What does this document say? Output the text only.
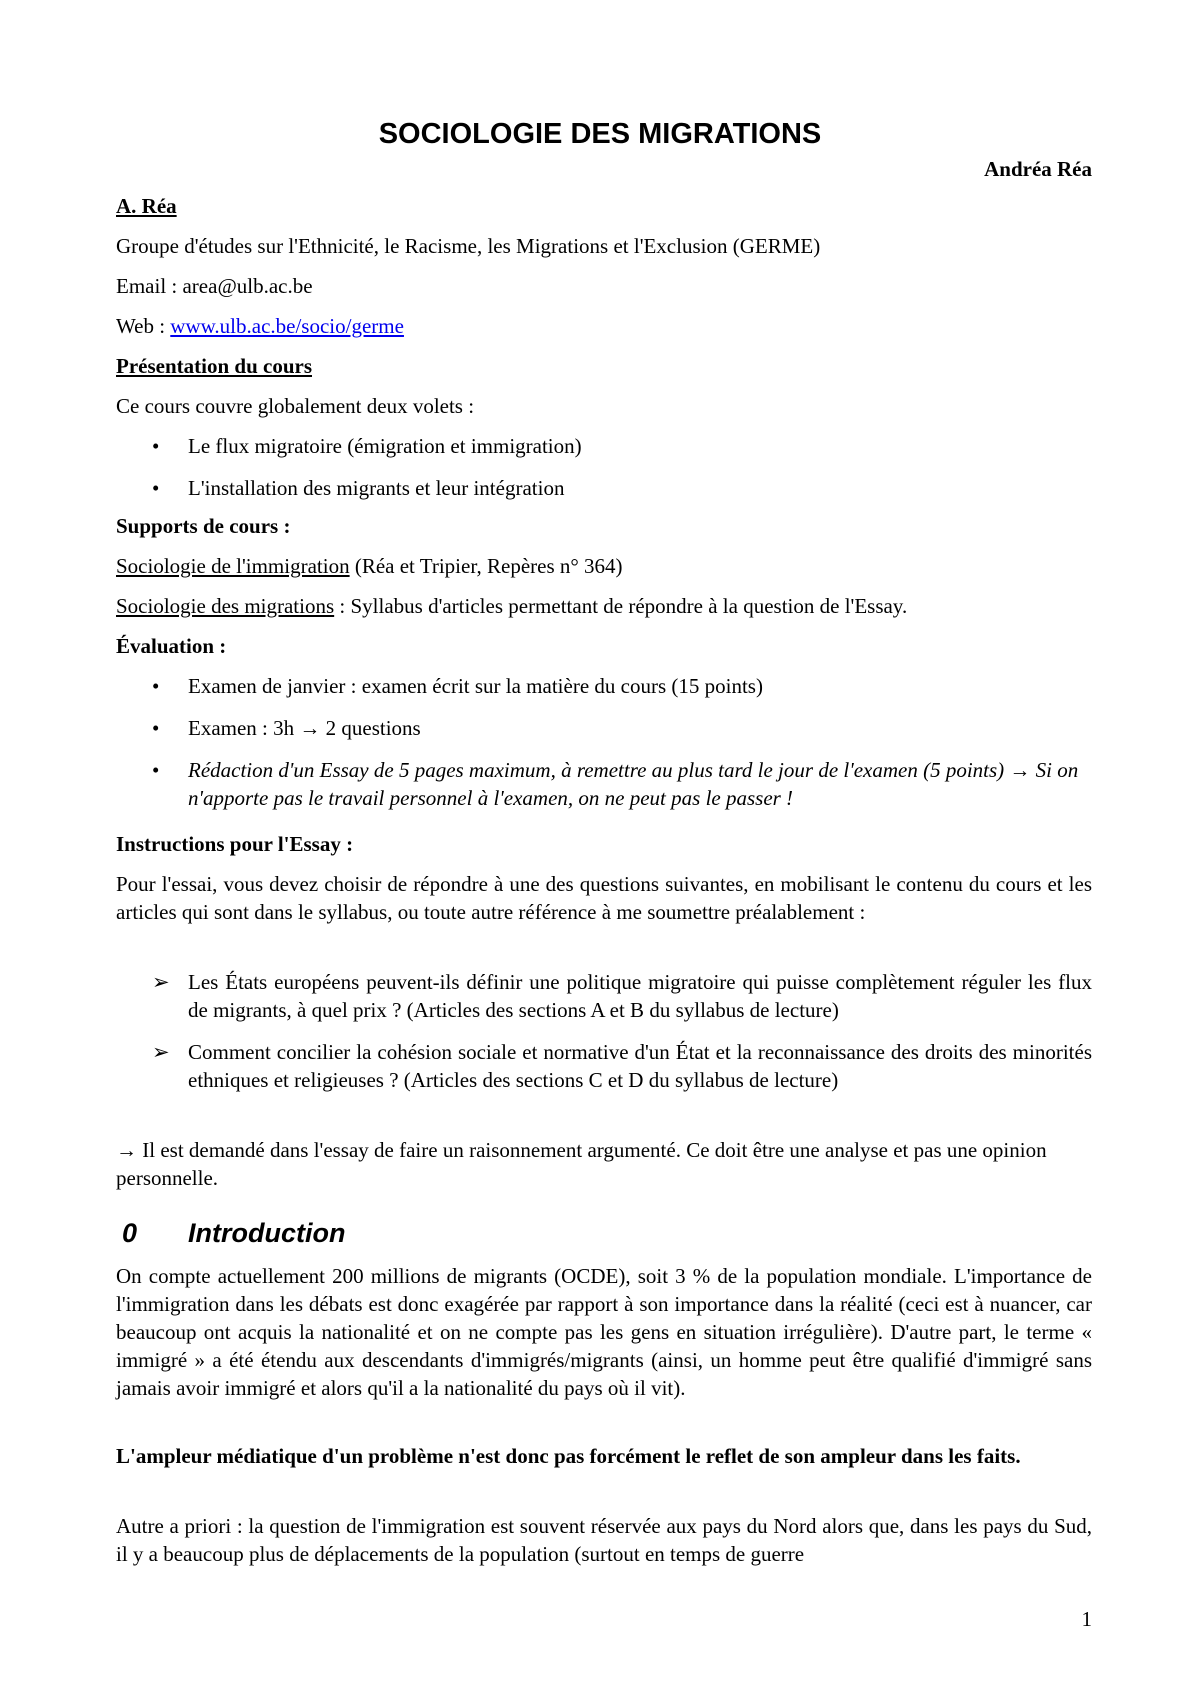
SOCIOLOGIE DES MIGRATIONS
Andréa Réa

A. Réa

Groupe d'études sur l'Ethnicité, le Racisme, les Migrations et l'Exclusion (GERME)

Email : area@ulb.ac.be

Web : www.ulb.ac.be/socio/germe

Présentation du cours

Ce cours couvre globalement deux volets :

• Le flux migratoire (émigration et immigration)
• L'installation des migrants et leur intégration

Supports de cours :

Sociologie de l'immigration (Réa et Tripier, Repères n° 364)

Sociologie des migrations : Syllabus d'articles permettant de répondre à la question de l'Essay.

Évaluation :

• Examen de janvier : examen écrit sur la matière du cours (15 points)
• Examen : 3h → 2 questions
• Rédaction d'un Essay de 5 pages maximum, à remettre au plus tard le jour de l'examen (5 points) → Si on n'apporte pas le travail personnel à l'examen, on ne peut pas le passer !

Instructions pour l'Essay :

Pour l'essai, vous devez choisir de répondre à une des questions suivantes, en mobilisant le contenu du cours et les articles qui sont dans le syllabus, ou toute autre référence à me soumettre préalablement :

➢ Les États européens peuvent-ils définir une politique migratoire qui puisse complètement réguler les flux de migrants, à quel prix ? (Articles des sections A et B du syllabus de lecture)
➢ Comment concilier la cohésion sociale et normative d'un État et la reconnaissance des droits des minorités ethniques et religieuses ? (Articles des sections C et D du syllabus de lecture)

→ Il est demandé dans l'essay de faire un raisonnement argumenté. Ce doit être une analyse et pas une opinion personnelle.

0 Introduction

On compte actuellement 200 millions de migrants (OCDE), soit 3 % de la population mondiale. L'importance de l'immigration dans les débats est donc exagérée par rapport à son importance dans la réalité (ceci est à nuancer, car beaucoup ont acquis la nationalité et on ne compte pas les gens en situation irrégulière). D'autre part, le terme « immigré » a été étendu aux descendants d'immigrés/migrants (ainsi, un homme peut être qualifié d'immigré sans jamais avoir immigré et alors qu'il a la nationalité du pays où il vit).

L'ampleur médiatique d'un problème n'est donc pas forcément le reflet de son ampleur dans les faits.

Autre a priori : la question de l'immigration est souvent réservée aux pays du Nord alors que, dans les pays du Sud, il y a beaucoup plus de déplacements de la population (surtout en temps de guerre

1
